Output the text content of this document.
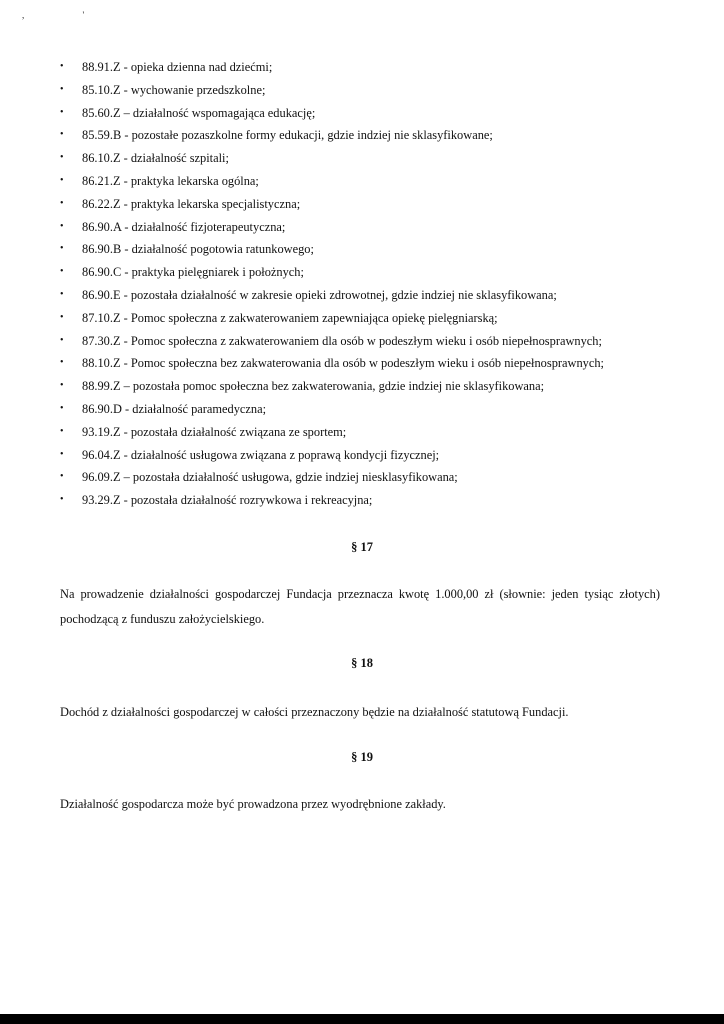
, '
•	88.91.Z - opieka dzienna nad dziećmi;
•	85.10.Z - wychowanie przedszkolne;
•	85.60.Z – działalność wspomagająca edukację;
•	85.59.B - pozostałe pozaszkolne formy edukacji, gdzie indziej nie sklasyfikowane;
•	86.10.Z - działalność szpitali;
•	86.21.Z - praktyka lekarska ogólna;
•	86.22.Z - praktyka lekarska specjalistyczna;
•	86.90.A - działalność fizjoterapeutyczna;
•	86.90.B - działalność pogotowia ratunkowego;
•	86.90.C - praktyka pielęgniarek i położnych;
•	86.90.E - pozostała działalność w zakresie opieki zdrowotnej, gdzie indziej nie sklasyfikowana;
•	87.10.Z - Pomoc społeczna z zakwaterowaniem zapewniająca opiekę pielęgniarską;
•	87.30.Z - Pomoc społeczna z zakwaterowaniem dla osób w podeszłym wieku i osób niepełnosprawnych;
•	88.10.Z - Pomoc społeczna bez zakwaterowania dla osób w podeszłym wieku i osób niepełnosprawnych;
•	88.99.Z – pozostała pomoc społeczna bez zakwaterowania, gdzie indziej nie sklasyfikowana;
•	86.90.D - działalność paramedyczna;
•	93.19.Z - pozostała działalność związana ze sportem;
•	96.04.Z - działalność usługowa związana z poprawą kondycji fizycznej;
•	96.09.Z – pozostała działalność usługowa, gdzie indziej niesklasyfikowana;
•	93.29.Z - pozostała działalność rozrywkowa i rekreacyjna;
§ 17
Na prowadzenie działalności gospodarczej Fundacja przeznacza kwotę 1.000,00 zł (słownie: jeden tysiąc złotych) pochodzącą z funduszu założycielskiego.
§ 18
Dochód z działalności gospodarczej w całości przeznaczony będzie na działalność statutową Fundacji.
§ 19
Działalność gospodarcza może być prowadzona przez wyodrębnione zakłady.
